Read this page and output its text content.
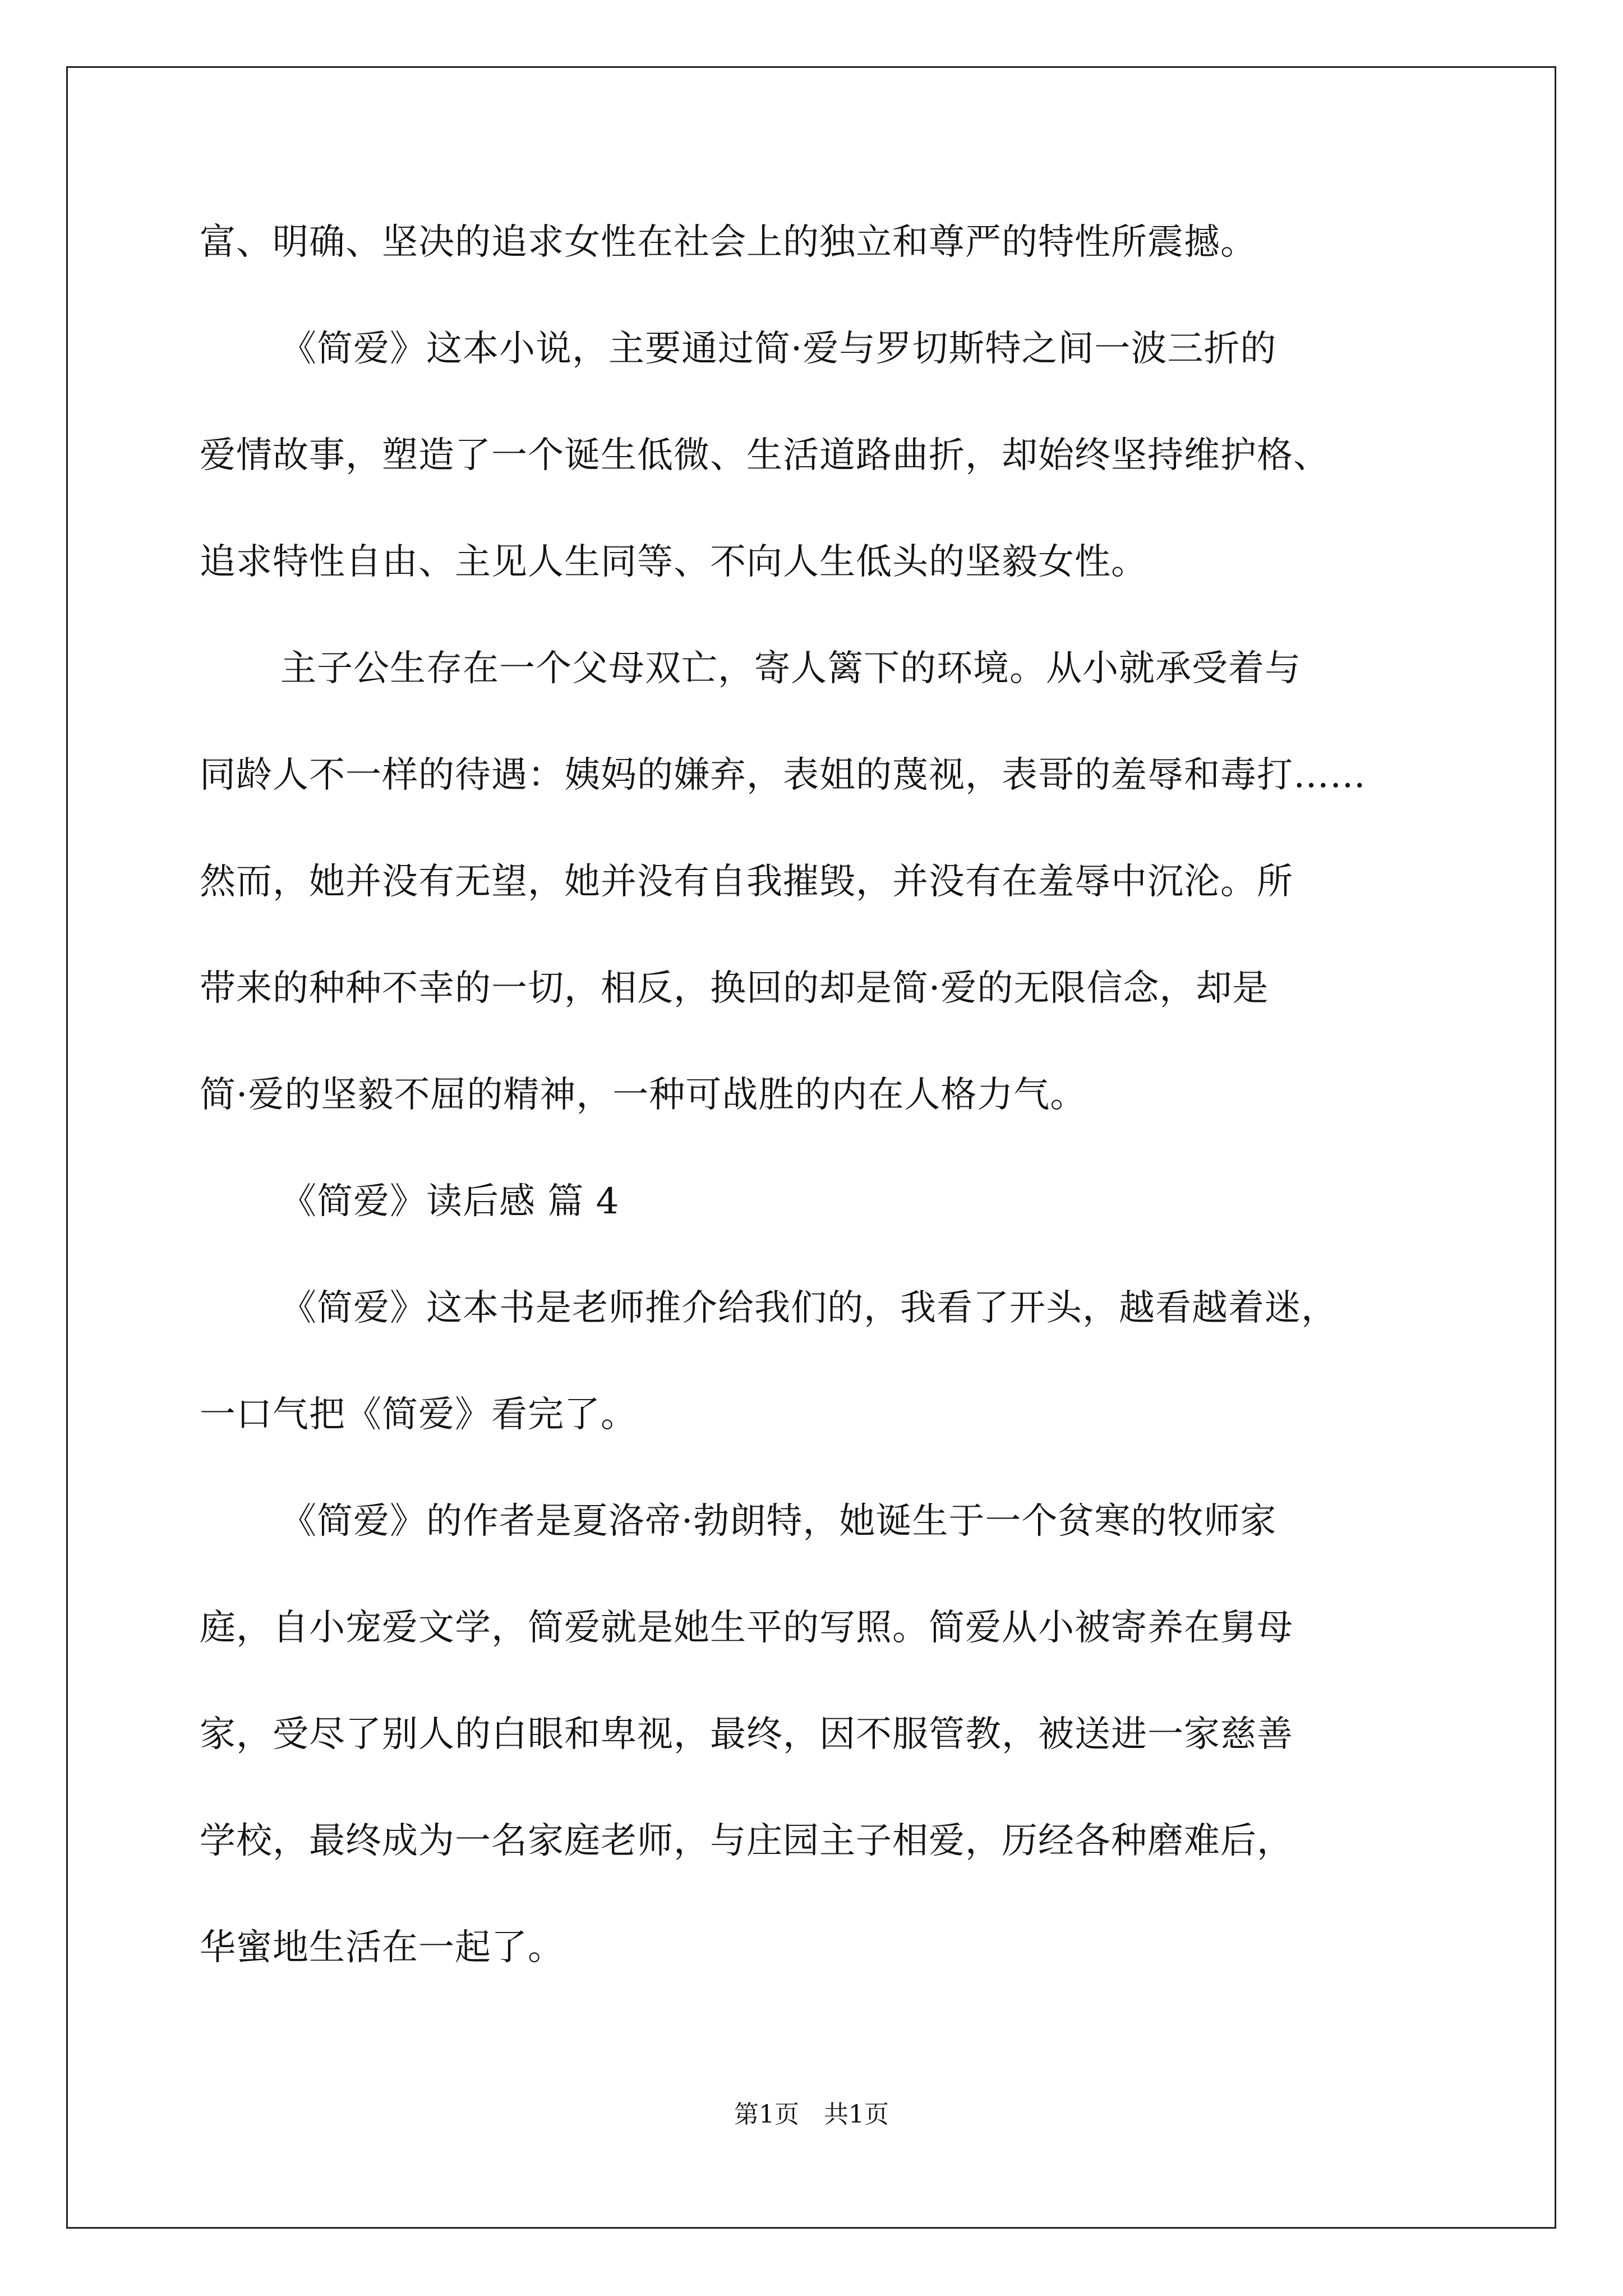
富、明确、坚决的追求女性在社会上的独立和尊严的特性所震撼。
《简爱》这本小说，主要通过简·爱与罗切斯特之间一波三折的
爱情故事，塑造了一个诞生低微、生活道路曲折，却始终坚持维护格、
追求特性自由、主见人生同等、不向人生低头的坚毅女性。
主子公生存在一个父母双亡，寄人篱下的环境。从小就承受着与
同龄人不一样的待遇：姨妈的嫌弃，表姐的蔑视，表哥的羞辱和毒打……
然而，她并没有无望，她并没有自我摧毁，并没有在羞辱中沉沦。所
带来的种种不幸的一切，相反，换回的却是简·爱的无限信念，却是
简·爱的坚毅不屈的精神，一种可战胜的内在人格力气。
《简爱》读后感 篇 4
《简爱》这本书是老师推介给我们的，我看了开头，越看越着迷，
一口气把《简爱》看完了。
《简爱》的作者是夏洛帝·勃朗特，她诞生于一个贫寒的牧师家
庭，自小宠爱文学，简爱就是她生平的写照。简爱从小被寄养在舅母
家，受尽了别人的白眼和卑视，最终，因不服管教，被送进一家慈善
学校，最终成为一名家庭老师，与庄园主子相爱，历经各种磨难后，
华蜜地生活在一起了。
第1页　共1页
